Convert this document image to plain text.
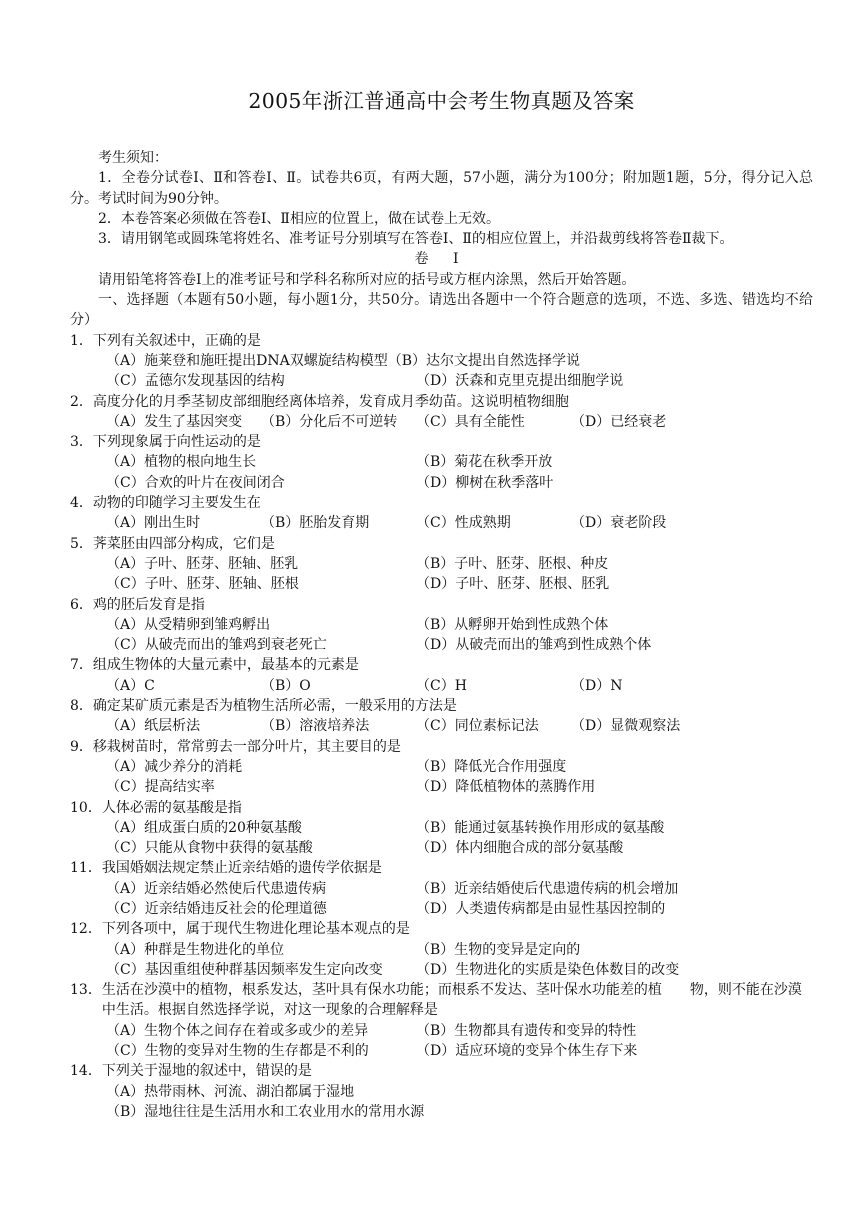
2005年浙江普通高中会考生物真题及答案
考生须知：
1．全卷分试卷Ⅰ、Ⅱ和答卷Ⅰ、Ⅱ。试卷共6页，有两大题，57小题，满分为100分；附加题1题，5分，得分记入总分。考试时间为90分钟。
2．本卷答案必须做在答卷Ⅰ、Ⅱ相应的位置上，做在试卷上无效。
3．请用钢笔或圆珠笔将姓名、准考证号分别填写在答卷Ⅰ、Ⅱ的相应位置上，并沿裁剪线将答卷Ⅱ裁下。
卷 Ⅰ
请用铅笔将答卷Ⅰ上的准考证号和学科名称所对应的括号或方框内涂黑，然后开始答题。
一、选择题（本题有50小题，每小题1分，共50分。请选出各题中一个符合题意的选项，不选、多选、错选均不给分）
1． 下列有关叙述中，正确的是
（A）施莱登和施旺提出DNA双螺旋结构模型（B）达尔文提出自然选择学说
（C）孟德尔发现基因的结构	（D）沃森和克里克提出细胞学说
2． 高度分化的月季茎韧皮部细胞经离体培养，发育成月季幼苗。这说明植物细胞
（A）发生了基因突变	（B）分化后不可逆转	（C）具有全能性	（D）已经衰老
3． 下列现象属于向性运动的是
（A）植物的根向地生长	（B）菊花在秋季开放
（C）合欢的叶片在夜间闭合	（D）柳树在秋季落叶
4． 动物的印随学习主要发生在
（A）刚出生时	（B）胚胎发育期	（C）性成熟期	（D）衰老阶段
5． 荠菜胚由四部分构成，它们是
（A）子叶、胚芽、胚轴、胚乳	（B）子叶、胚芽、胚根、种皮
（C）子叶、胚芽、胚轴、胚根	（D）子叶、胚芽、胚根、胚乳
6． 鸡的胚后发育是指
（A）从受精卵到雏鸡孵出	（B）从孵卵开始到性成熟个体
（C）从破壳而出的雏鸡到衰老死亡	（D）从破壳而出的雏鸡到性成熟个体
7． 组成生物体的大量元素中，最基本的元素是
（A）C	（B）O	（C）H	（D）N
8． 确定某矿质元素是否为植物生活所必需，一般采用的方法是
（A）纸层析法	（B）溶液培养法	（C）同位素标记法	（D）显微观察法
9． 移栽树苗时，常常剪去一部分叶片，其主要目的是
（A）减少养分的消耗	（B）降低光合作用强度
（C）提高结实率	（D）降低植物体的蒸腾作用
10． 人体必需的氨基酸是指
（A）组成蛋白质的20种氨基酸	（B）能通过氨基转换作用形成的氨基酸
（C）只能从食物中获得的氨基酸	（D）体内细胞合成的部分氨基酸
11． 我国婚姻法规定禁止近亲结婚的遗传学依据是
（A）近亲结婚必然使后代患遗传病	（B）近亲结婚使后代患遗传病的机会增加
（C）近亲结婚违反社会的伦理道德	（D）人类遗传病都是由显性基因控制的
12． 下列各项中，属于现代生物进化理论基本观点的是
（A）种群是生物进化的单位	（B）生物的变异是定向的
（C）基因重组使种群基因频率发生定向改变	（D）生物进化的实质是染色体数目的改变
13． 生活在沙漠中的植物，根系发达，茎叶具有保水功能；而根系不发达、茎叶保水功能差的植　　物，则不能在沙漠中生活。根据自然选择学说，对这一现象的合理解释是
（A）生物个体之间存在着或多或少的差异	（B）生物都具有遗传和变异的特性
（C）生物的变异对生物的生存都是不利的	（D）适应环境的变异个体生存下来
14． 下列关于湿地的叙述中，错误的是
（A）热带雨林、河流、湖泊都属于湿地
（B）湿地往往是生活用水和工农业用水的常用水源
